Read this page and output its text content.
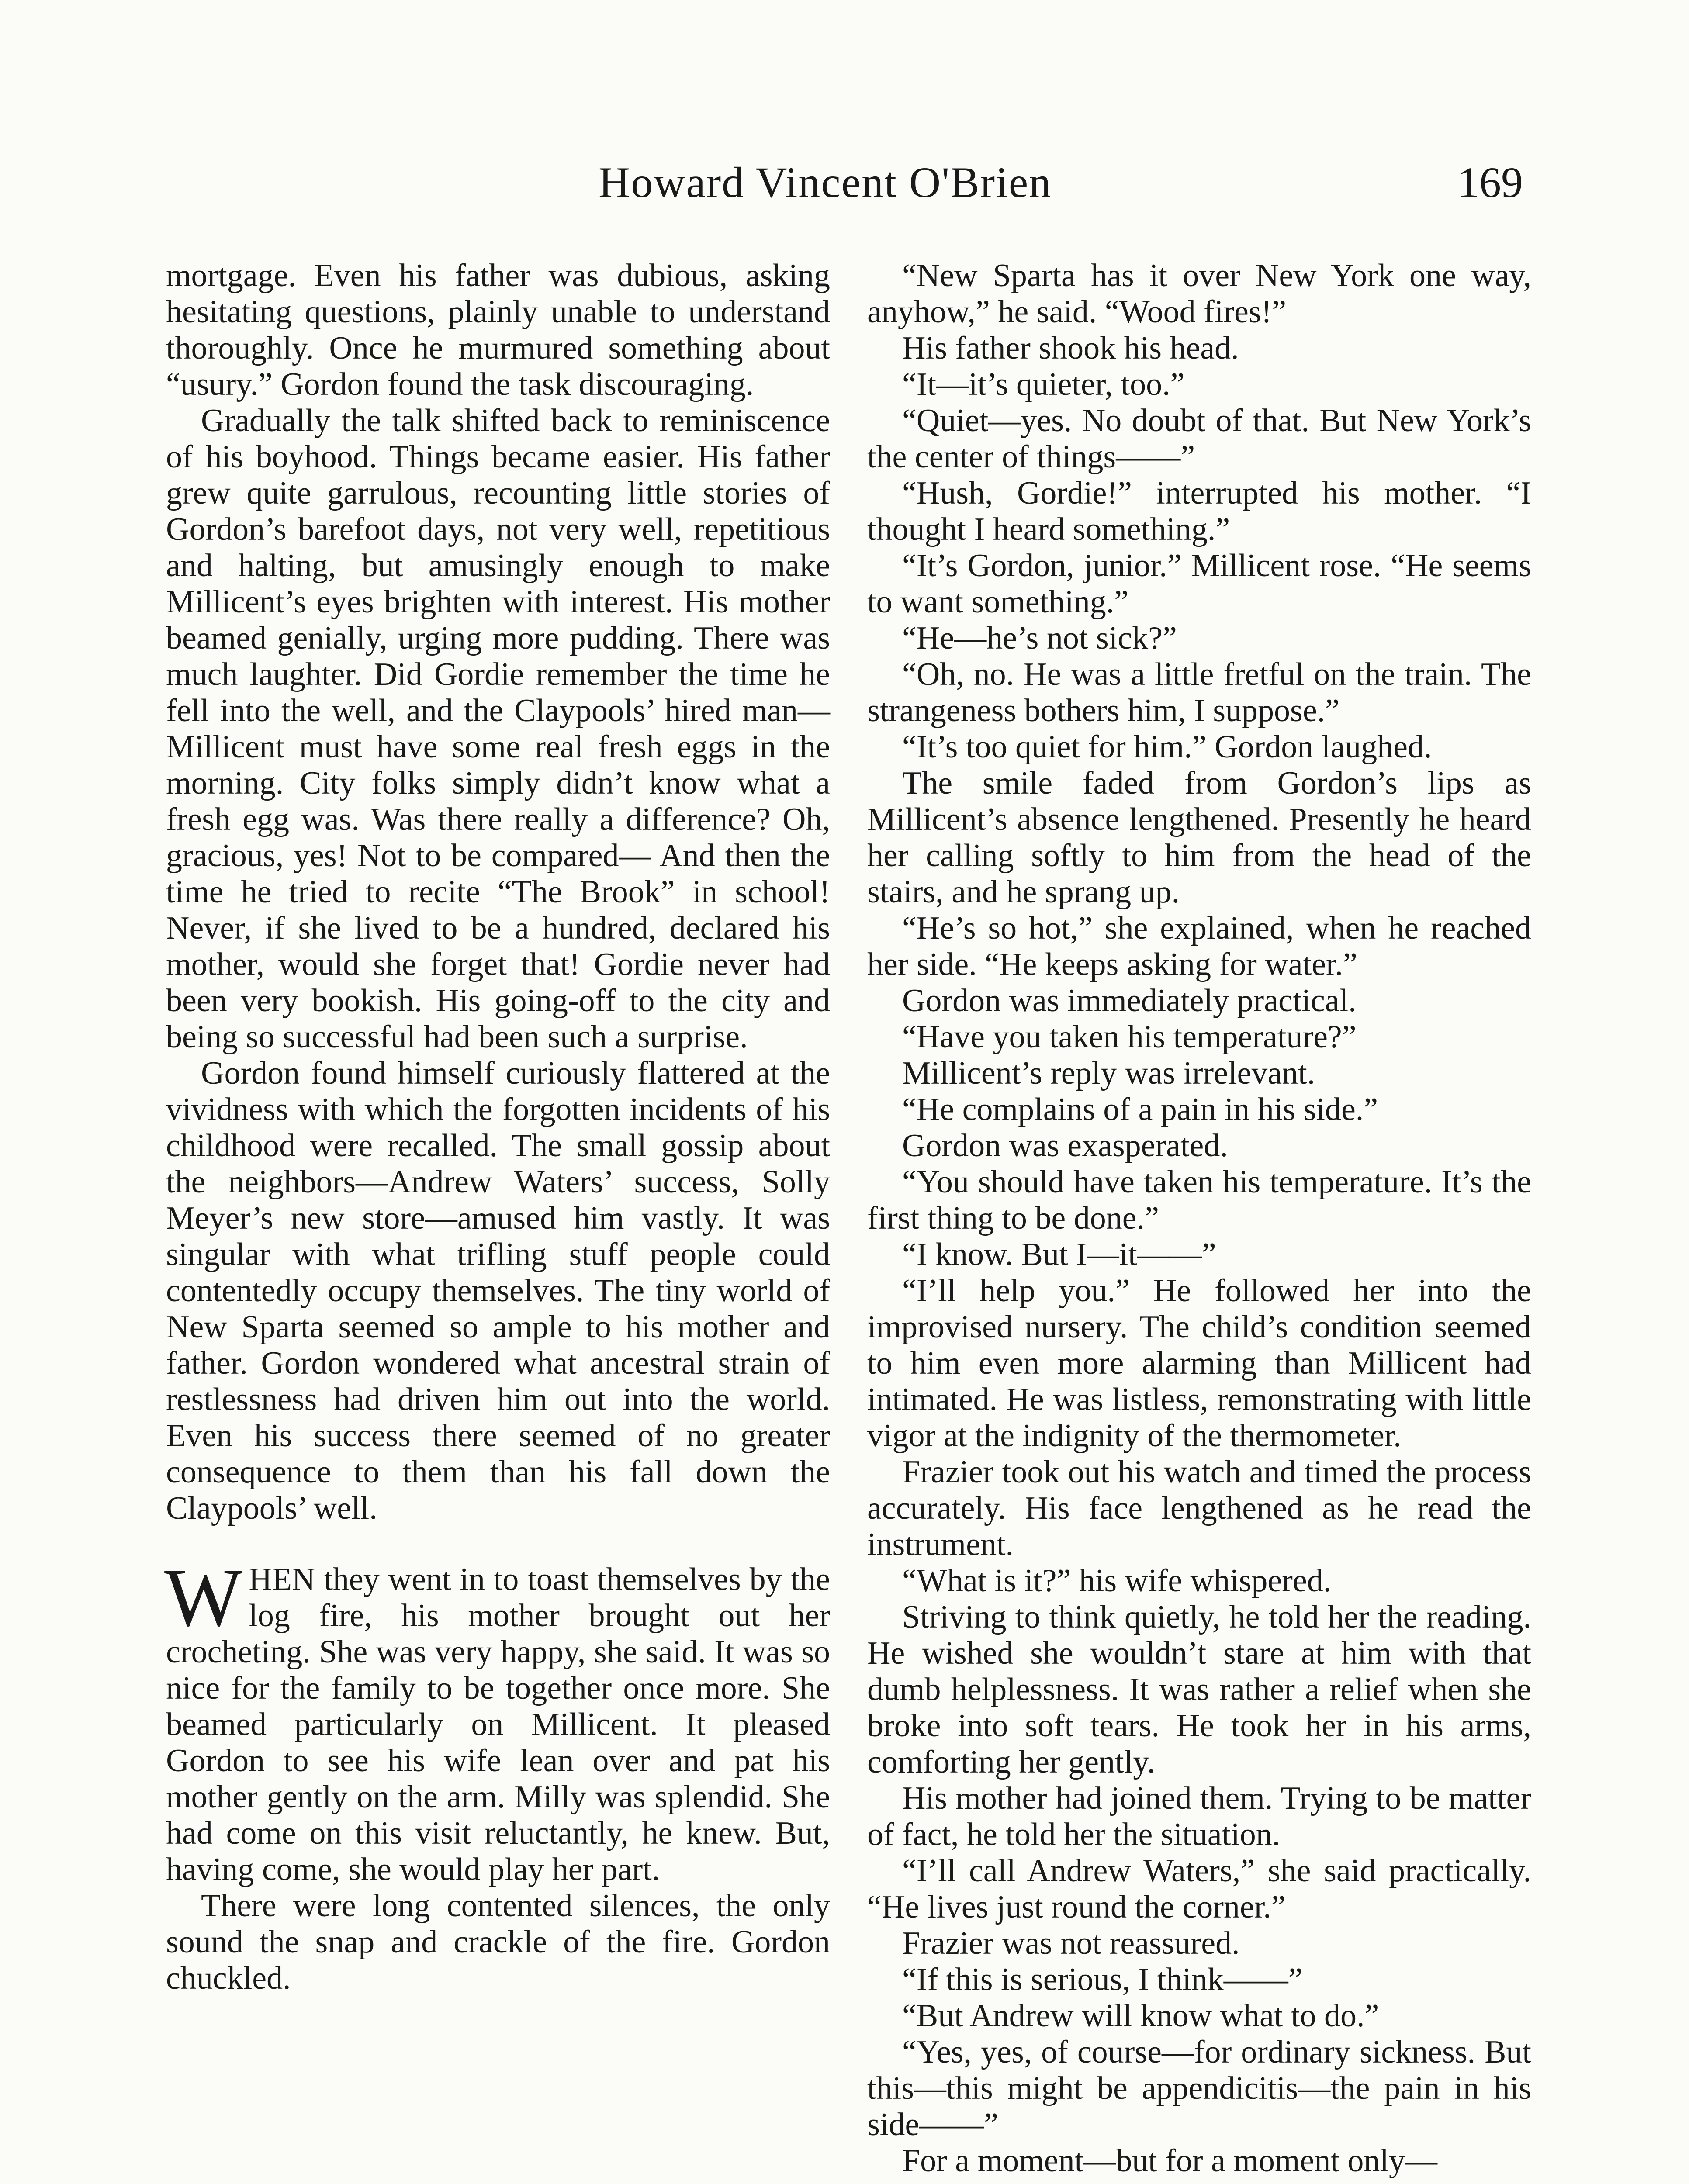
Howard Vincent O'Brien	169

mortgage. Even his father was dubious, asking hesitating questions, plainly unable to understand thoroughly. Once he murmured something about “usury.” Gordon found the task discouraging.

Gradually the talk shifted back to reminiscence of his boyhood. Things became easier. His father grew quite garrulous, recounting little stories of Gordon’s barefoot days, not very well, repetitious and halting, but amusingly enough to make Millicent’s eyes brighten with interest. His mother beamed genially, urging more pudding. There was much laughter. Did Gordie remember the time he fell into the well, and the Claypools’ hired man— Millicent must have some real fresh eggs in the morning. City folks simply didn’t know what a fresh egg was. Was there really a difference? Oh, gracious, yes! Not to be compared— And then the time he tried to recite “The Brook” in school! Never, if she lived to be a hundred, declared his mother, would she forget that! Gordie never had been very bookish. His going-off to the city and being so successful had been such a surprise.

Gordon found himself curiously flattered at the vividness with which the forgotten incidents of his childhood were recalled. The small gossip about the neighbors—Andrew Waters’ success, Solly Meyer’s new store—amused him vastly. It was singular with what trifling stuff people could contentedly occupy themselves. The tiny world of New Sparta seemed so ample to his mother and father. Gordon wondered what ancestral strain of restlessness had driven him out into the world. Even his success there seemed of no greater consequence to them than his fall down the Claypools’ well.

WHEN they went in to toast themselves by the log fire, his mother brought out her crocheting. She was very happy, she said. It was so nice for the family to be together once more. She beamed particularly on Millicent. It pleased Gordon to see his wife lean over and pat his mother gently on the arm. Milly was splendid. She had come on this visit reluctantly, he knew. But, having come, she would play her part.

There were long contented silences, the only sound the snap and crackle of the fire. Gordon chuckled.

“New Sparta has it over New York one way, anyhow,” he said. “Wood fires!”

His father shook his head.

“It—it’s quieter, too.”

“Quiet—yes. No doubt of that. But New York’s the center of things——”

“Hush, Gordie!” interrupted his mother. “I thought I heard something.”

“It’s Gordon, junior.” Millicent rose. “He seems to want something.”

“He—he’s not sick?”

“Oh, no. He was a little fretful on the train. The strangeness bothers him, I suppose.”

“It’s too quiet for him.” Gordon laughed.

The smile faded from Gordon’s lips as Millicent’s absence lengthened. Presently he heard her calling softly to him from the head of the stairs, and he sprang up.

“He’s so hot,” she explained, when he reached her side. “He keeps asking for water.”

Gordon was immediately practical.

“Have you taken his temperature?”

Millicent’s reply was irrelevant.

“He complains of a pain in his side.”

Gordon was exasperated.

“You should have taken his temperature. It’s the first thing to be done.”

“I know. But I—it——”

“I’ll help you.” He followed her into the improvised nursery. The child’s condition seemed to him even more alarming than Millicent had intimated. He was listless, remonstrating with little vigor at the indignity of the thermometer.

Frazier took out his watch and timed the process accurately. His face lengthened as he read the instrument.

“What is it?” his wife whispered.

Striving to think quietly, he told her the reading. He wished she wouldn’t stare at him with that dumb helplessness. It was rather a relief when she broke into soft tears. He took her in his arms, comforting her gently.

His mother had joined them. Trying to be matter of fact, he told her the situation.

“I’ll call Andrew Waters,” she said practically. “He lives just round the corner.”

Frazier was not reassured.

“If this is serious, I think——”

“But Andrew will know what to do.”

“Yes, yes, of course—for ordinary sickness. But this—this might be appendicitis—the pain in his side——”

For a moment—but for a moment only—
